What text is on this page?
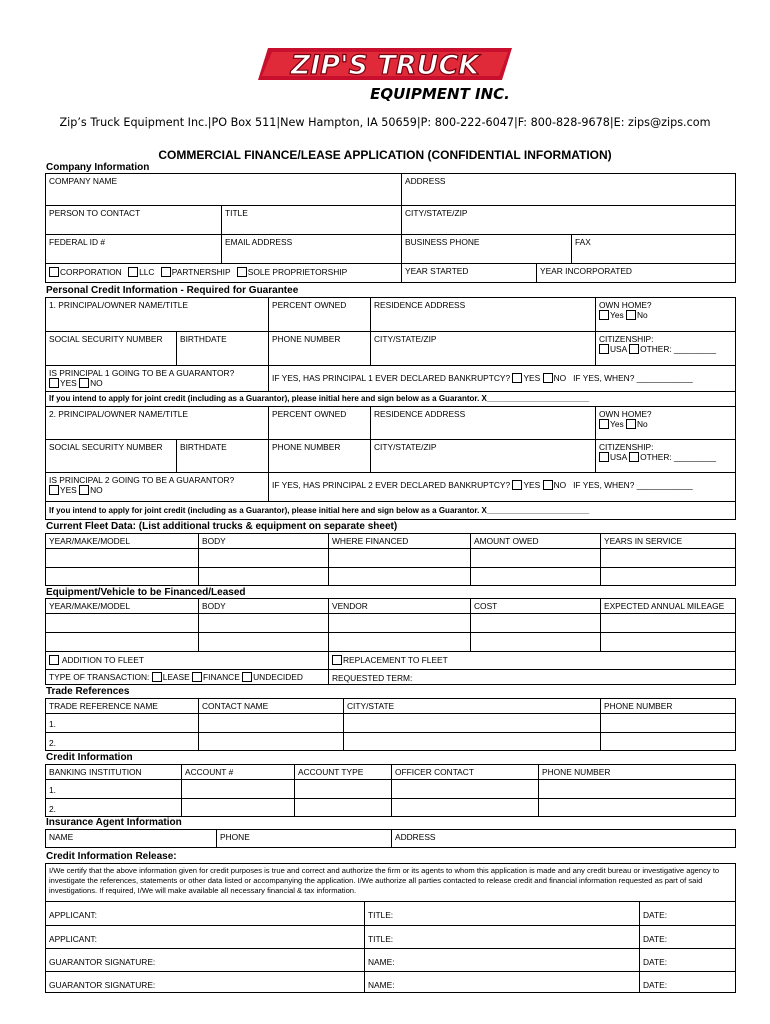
ZIP'S TRUCK
EQUIPMENT INC.
Zip’s Truck Equipment Inc.|PO Box 511|New Hampton, IA 50659|P: 800-222-6047|F: 800-828-9678|E: zips@zips.com
COMMERCIAL FINANCE/LEASE APPLICATION (CONFIDENTIAL INFORMATION)
Company Information
COMPANY NAME	ADDRESS
PERSON TO CONTACT	TITLE	CITY/STATE/ZIP
FEDERAL ID #	EMAIL ADDRESS	BUSINESS PHONE	FAX
CORPORATION LLC PARTNERSHIP SOLE PROPRIETORSHIP	YEAR STARTED	YEAR INCORPORATED
Personal Credit Information - Required for Guarantee
1. PRINCIPAL/OWNER NAME/TITLE	PERCENT OWNED	RESIDENCE ADDRESS	OWN HOME?
Yes No
SOCIAL SECURITY NUMBER	BIRTHDATE	PHONE NUMBER	CITY/STATE/ZIP	CITIZENSHIP:
USA OTHER: _________
IS PRINCIPAL 1 GOING TO BE A GUARANTOR?
YES NO	IF YES, HAS PRINCIPAL 1 EVER DECLARED BANKRUPTCY? YES NO IF YES, WHEN? ____________
If you intend to apply for joint credit (including as a Guarantor), please initial here and sign below as a Guarantor. X_______________________
2. PRINCIPAL/OWNER NAME/TITLE	PERCENT OWNED	RESIDENCE ADDRESS	OWN HOME?
Yes No
SOCIAL SECURITY NUMBER	BIRTHDATE	PHONE NUMBER	CITY/STATE/ZIP	CITIZENSHIP:
USA OTHER: _________
IS PRINCIPAL 2 GOING TO BE A GUARANTOR?
YES NO	IF YES, HAS PRINCIPAL 2 EVER DECLARED BANKRUPTCY? YES NO IF YES, WHEN? ____________
If you intend to apply for joint credit (including as a Guarantor), please initial here and sign below as a Guarantor. X_______________________
Current Fleet Data: (List additional trucks & equipment on separate sheet)
YEAR/MAKE/MODEL	BODY	WHERE FINANCED	AMOUNT OWED	YEARS IN SERVICE
Equipment/Vehicle to be Financed/Leased
YEAR/MAKE/MODEL	BODY	VENDOR	COST	EXPECTED ANNUAL MILEAGE
ADDITION TO FLEET	REPLACEMENT TO FLEET
TYPE OF TRANSACTION: LEASE FINANCE UNDECIDED	REQUESTED TERM:
Trade References
TRADE REFERENCE NAME	CONTACT NAME	CITY/STATE	PHONE NUMBER
1.
2.
Credit Information
BANKING INSTITUTION	ACCOUNT #	ACCOUNT TYPE	OFFICER CONTACT	PHONE NUMBER
1.
2.
Insurance Agent Information
NAME	PHONE	ADDRESS
Credit Information Release:
I/We certify that the above information given for credit purposes is true and correct and authorize the firm or its agents to whom this application is made and any credit bureau or investigative agency to investigate the references, statements or other data listed or accompanying the application. I/We authorize all parties contacted to release credit and financial information requested as part of said investigations. If required, I/We will make available all necessary financial & tax information.
APPLICANT:	TITLE:	DATE:
APPLICANT:	TITLE:	DATE:
GUARANTOR SIGNATURE:	NAME:	DATE:
GUARANTOR SIGNATURE:	NAME:	DATE:
